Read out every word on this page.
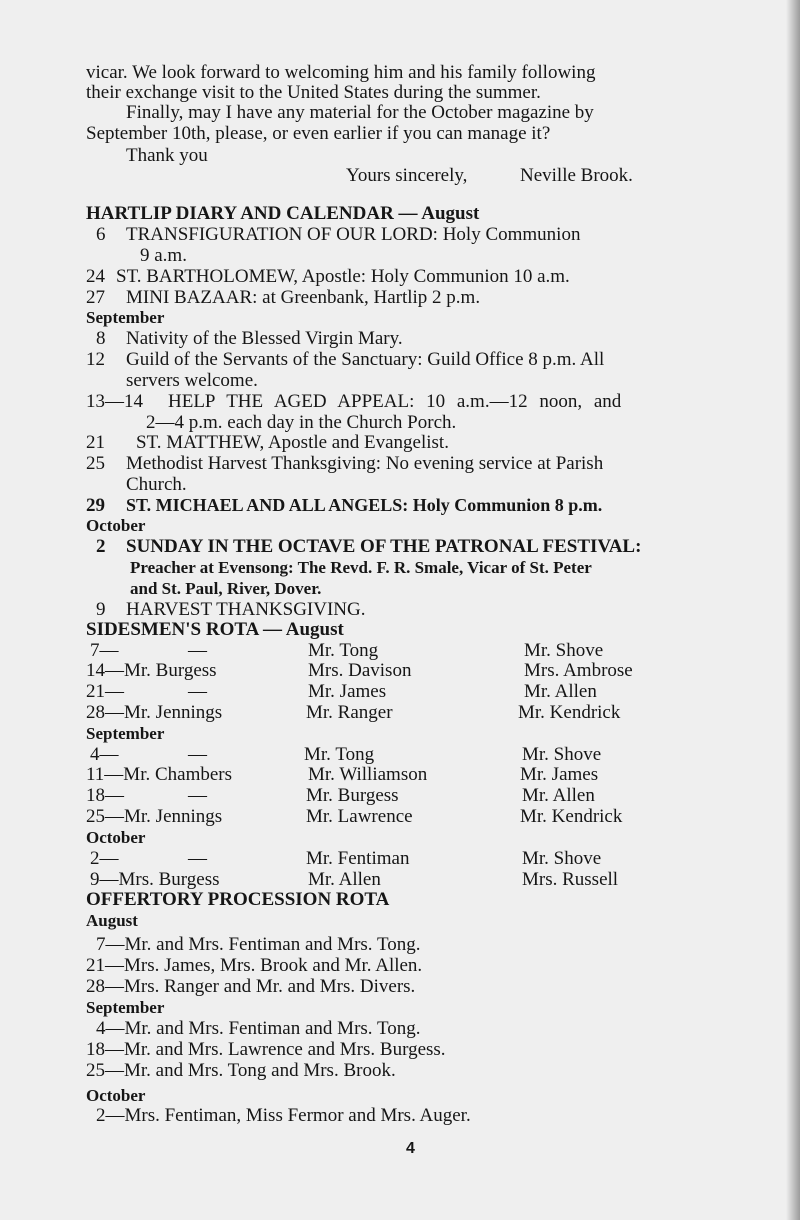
vicar. We look forward to welcoming him and his family following
their exchange visit to the United States during the summer.
Finally, may I have any material for the October magazine by
September 10th, please, or even earlier if you can manage it?
Thank you
Yours sincerely,	Neville Brook.
HARTLIP DIARY AND CALENDAR — August
6 TRANSFIGURATION OF OUR LORD: Holy Communion
9 a.m.
24 ST. BARTHOLOMEW, Apostle: Holy Communion 10 a.m.
27 MINI BAZAAR: at Greenbank, Hartlip 2 p.m.
September
8 Nativity of the Blessed Virgin Mary.
12 Guild of the Servants of the Sanctuary: Guild Office 8 p.m. All
servers welcome.
13—14 HELP THE AGED APPEAL: 10 a.m.—12 noon, and
2—4 p.m. each day in the Church Porch.
21 ST. MATTHEW, Apostle and Evangelist.
25 Methodist Harvest Thanksgiving: No evening service at Parish
Church.
29 ST. MICHAEL AND ALL ANGELS: Holy Communion 8 p.m.
October
2 SUNDAY IN THE OCTAVE OF THE PATRONAL FESTIVAL:
Preacher at Evensong: The Revd. F. R. Smale, Vicar of St. Peter
and St. Paul, River, Dover.
9 HARVEST THANKSGIVING.
SIDESMEN'S ROTA — August
7—	—	Mr. Tong	Mr. Shove
14—Mr. Burgess	Mrs. Davison	Mrs. Ambrose
21—	—	Mr. James	Mr. Allen
28—Mr. Jennings	Mr. Ranger	Mr. Kendrick
September
4—	—	Mr. Tong	Mr. Shove
11—Mr. Chambers	Mr. Williamson	Mr. James
18—	—	Mr. Burgess	Mr. Allen
25—Mr. Jennings	Mr. Lawrence	Mr. Kendrick
October
2—	—	Mr. Fentiman	Mr. Shove
9—Mrs. Burgess	Mr. Allen	Mrs. Russell
OFFERTORY PROCESSION ROTA
August
7—Mr. and Mrs. Fentiman and Mrs. Tong.
21—Mrs. James, Mrs. Brook and Mr. Allen.
28—Mrs. Ranger and Mr. and Mrs. Divers.
September
4—Mr. and Mrs. Fentiman and Mrs. Tong.
18—Mr. and Mrs. Lawrence and Mrs. Burgess.
25—Mr. and Mrs. Tong and Mrs. Brook.
October
2—Mrs. Fentiman, Miss Fermor and Mrs. Auger.
4
